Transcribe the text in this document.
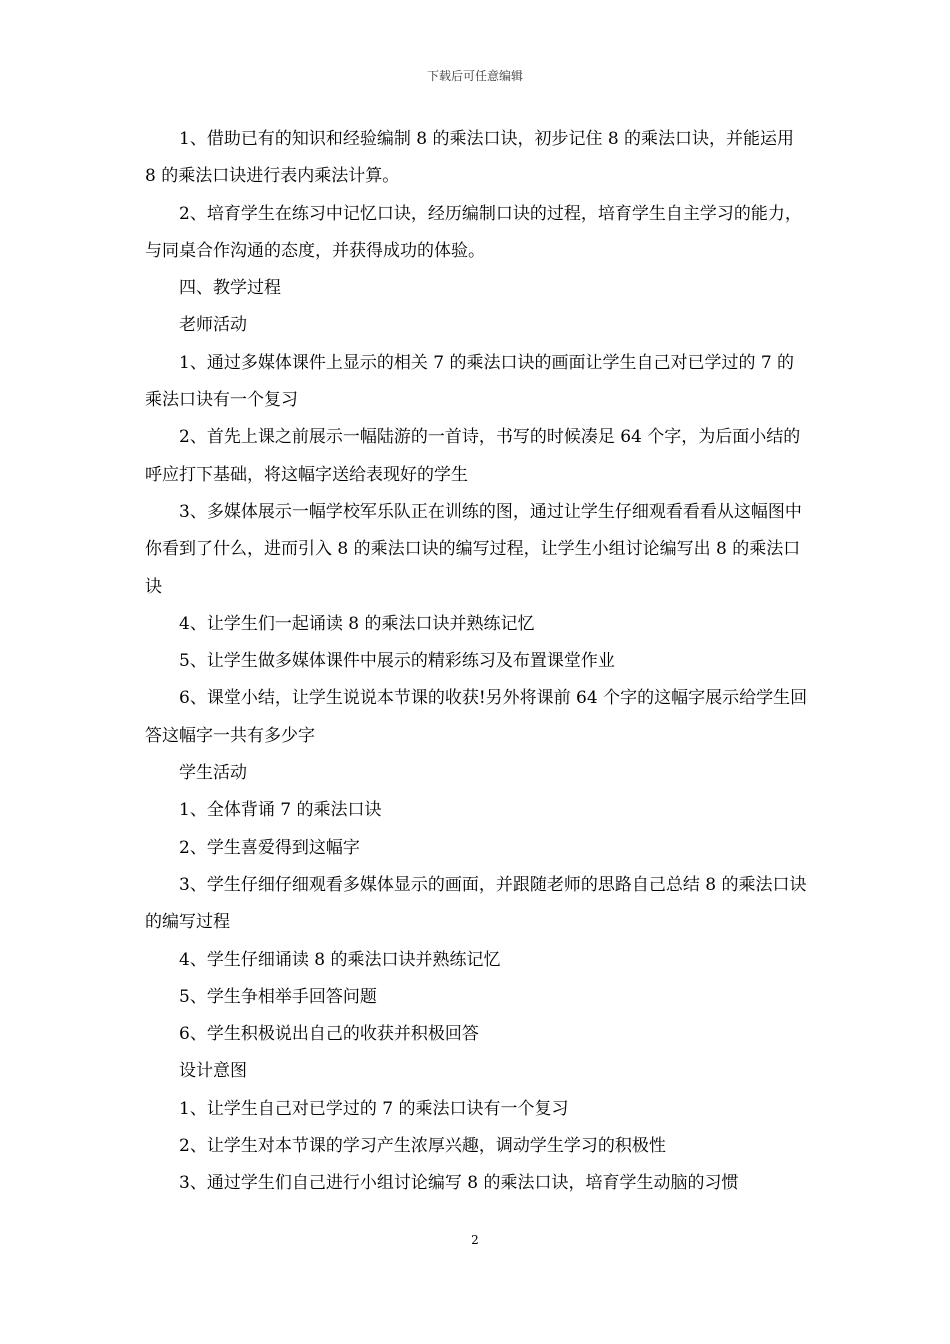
下载后可任意编辑

1、借助已有的知识和经验编制 8 的乘法口诀，初步记住 8 的乘法口诀，并能运用 8 的乘法口诀进行表内乘法计算。

2、培育学生在练习中记忆口诀，经历编制口诀的过程，培育学生自主学习的能力，与同桌合作沟通的态度，并获得成功的体验。

四、教学过程

老师活动

1、通过多媒体课件上显示的相关 7 的乘法口诀的画面让学生自己对已学过的 7 的乘法口诀有一个复习

2、首先上课之前展示一幅陆游的一首诗，书写的时候凑足 64 个字，为后面小结的呼应打下基础，将这幅字送给表现好的学生

3、多媒体展示一幅学校军乐队正在训练的图，通过让学生仔细观看看看从这幅图中你看到了什么，进而引入 8 的乘法口诀的编写过程，让学生小组讨论编写出 8 的乘法口诀

4、让学生们一起诵读 8 的乘法口诀并熟练记忆

5、让学生做多媒体课件中展示的精彩练习及布置课堂作业

6、课堂小结，让学生说说本节课的收获!另外将课前 64 个字的这幅字展示给学生回答这幅字一共有多少字

学生活动

1、全体背诵 7 的乘法口诀

2、学生喜爱得到这幅字

3、学生仔细仔细观看多媒体显示的画面，并跟随老师的思路自己总结 8 的乘法口诀的编写过程

4、学生仔细诵读 8 的乘法口诀并熟练记忆

5、学生争相举手回答问题

6、学生积极说出自己的收获并积极回答

设计意图

1、让学生自己对已学过的 7 的乘法口诀有一个复习

2、让学生对本节课的学习产生浓厚兴趣，调动学生学习的积极性

3、通过学生们自己进行小组讨论编写 8 的乘法口诀，培育学生动脑的习惯

2
